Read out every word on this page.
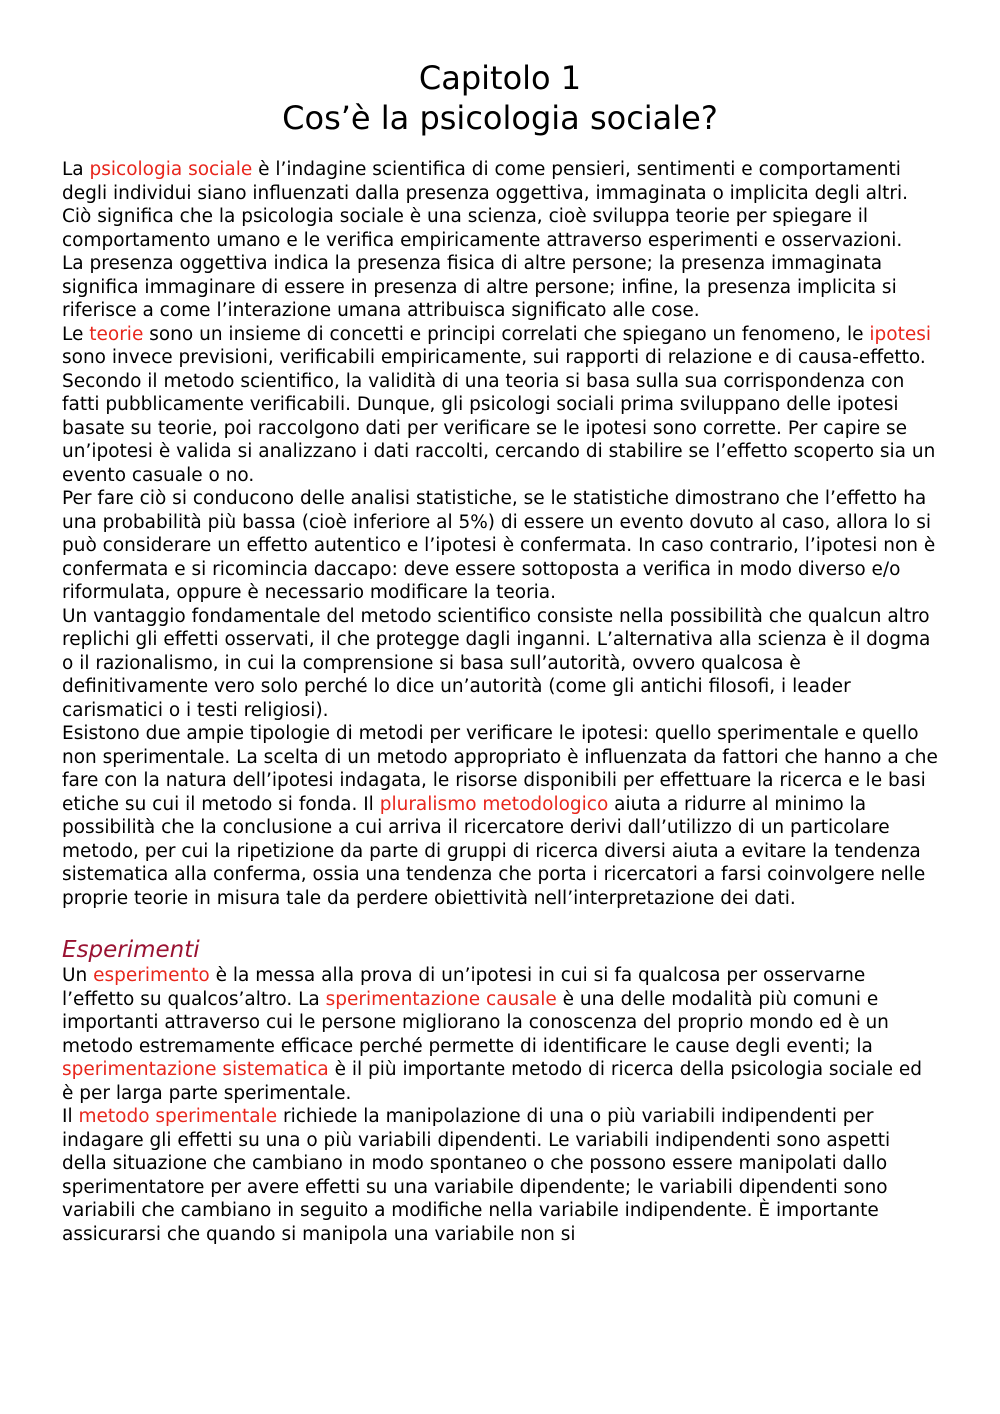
Capitolo 1
Cos’è la psicologia sociale?

La psicologia sociale è l’indagine scientifica di come pensieri, sentimenti e comportamenti degli individui siano influenzati dalla presenza oggettiva, immaginata o implicita degli altri. Ciò significa che la psicologia sociale è una scienza, cioè sviluppa teorie per spiegare il comportamento umano e le verifica empiricamente attraverso esperimenti e osservazioni.

La presenza oggettiva indica la presenza fisica di altre persone; la presenza immaginata significa immaginare di essere in presenza di altre persone; infine, la presenza implicita si riferisce a come l’interazione umana attribuisca significato alle cose.

Le teorie sono un insieme di concetti e principi correlati che spiegano un fenomeno, le ipotesi sono invece previsioni, verificabili empiricamente, sui rapporti di relazione e di causa-effetto. Secondo il metodo scientifico, la validità di una teoria si basa sulla sua corrispondenza con fatti pubblicamente verificabili. Dunque, gli psicologi sociali prima sviluppano delle ipotesi basate su teorie, poi raccolgono dati per verificare se le ipotesi sono corrette. Per capire se un’ipotesi è valida si analizzano i dati raccolti, cercando di stabilire se l’effetto scoperto sia un evento casuale o no.

Per fare ciò si conducono delle analisi statistiche, se le statistiche dimostrano che l’effetto ha una probabilità più bassa (cioè inferiore al 5%) di essere un evento dovuto al caso, allora lo si può considerare un effetto autentico e l’ipotesi è confermata. In caso contrario, l’ipotesi non è confermata e si ricomincia daccapo: deve essere sottoposta a verifica in modo diverso e/o riformulata, oppure è necessario modificare la teoria.

Un vantaggio fondamentale del metodo scientifico consiste nella possibilità che qualcun altro replichi gli effetti osservati, il che protegge dagli inganni. L’alternativa alla scienza è il dogma o il razionalismo, in cui la comprensione si basa sull’autorità, ovvero qualcosa è definitivamente vero solo perché lo dice un’autorità (come gli antichi filosofi, i leader carismatici o i testi religiosi).

Esistono due ampie tipologie di metodi per verificare le ipotesi: quello sperimentale e quello non sperimentale. La scelta di un metodo appropriato è influenzata da fattori che hanno a che fare con la natura dell’ipotesi indagata, le risorse disponibili per effettuare la ricerca e le basi etiche su cui il metodo si fonda. Il pluralismo metodologico aiuta a ridurre al minimo la possibilità che la conclusione a cui arriva il ricercatore derivi dall’utilizzo di un particolare metodo, per cui la ripetizione da parte di gruppi di ricerca diversi aiuta a evitare la tendenza sistematica alla conferma, ossia una tendenza che porta i ricercatori a farsi coinvolgere nelle proprie teorie in misura tale da perdere obiettività nell’interpretazione dei dati.

Esperimenti

Un esperimento è la messa alla prova di un’ipotesi in cui si fa qualcosa per osservarne l’effetto su qualcos’altro. La sperimentazione causale è una delle modalità più comuni e importanti attraverso cui le persone migliorano la conoscenza del proprio mondo ed è un metodo estremamente efficace perché permette di identificare le cause degli eventi; la sperimentazione sistematica è il più importante metodo di ricerca della psicologia sociale ed è per larga parte sperimentale.

Il metodo sperimentale richiede la manipolazione di una o più variabili indipendenti per indagare gli effetti su una o più variabili dipendenti. Le variabili indipendenti sono aspetti della situazione che cambiano in modo spontaneo o che possono essere manipolati dallo sperimentatore per avere effetti su una variabile dipendente; le variabili dipendenti sono variabili che cambiano in seguito a modifiche nella variabile indipendente. È importante assicurarsi che quando si manipola una variabile non si
